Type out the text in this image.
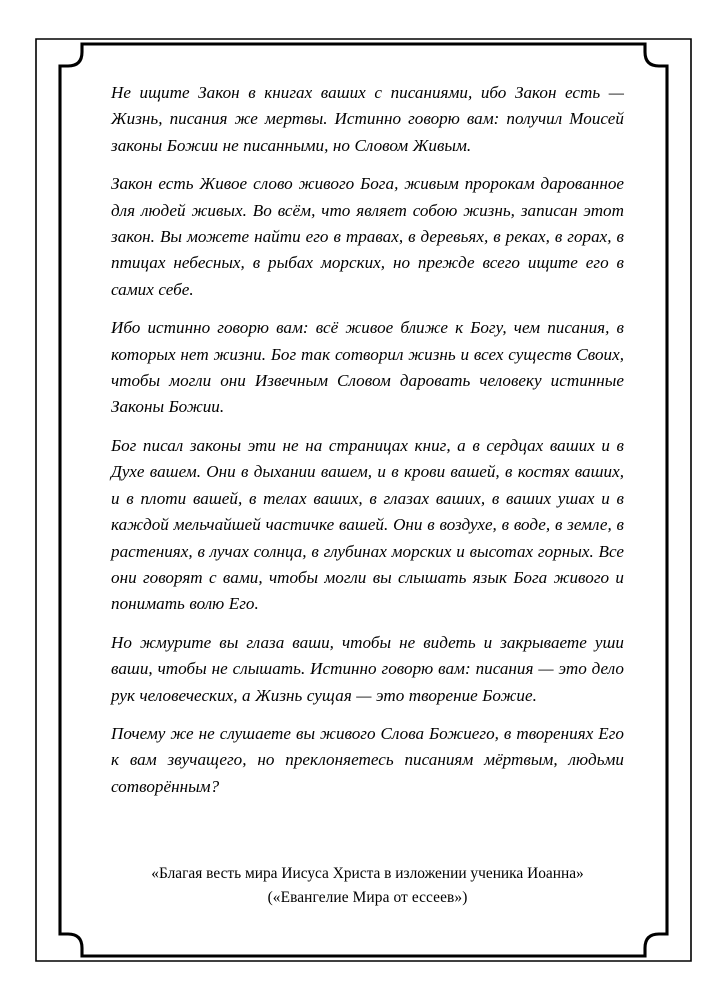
Не ищите Закон в книгах ваших с писаниями, ибо Закон есть — Жизнь, писания же мертвы. Истинно говорю вам: получил Моисей законы Божии не писанными, но Словом Живым.

Закон есть Живое слово живого Бога, живым пророкам дарованное для людей живых. Во всём, что являет собою жизнь, записан этот закон. Вы можете найти его в травах, в деревьях, в реках, в горах, в птицах небесных, в рыбах морских, но прежде всего ищите его в самих себе.

Ибо истинно говорю вам: всё живое ближе к Богу, чем писания, в которых нет жизни. Бог так сотворил жизнь и всех существ Своих, чтобы могли они Извечным Словом даровать человеку истинные Законы Божии.

Бог писал законы эти не на страницах книг, а в сердцах ваших и в Духе вашем. Они в дыхании вашем, и в крови вашей, в костях ваших, и в плоти вашей, в телах ваших, в глазах ваших, в ваших ушах и в каждой мельчайшей частичке вашей. Они в воздухе, в воде, в земле, в растениях, в лучах солнца, в глубинах морских и высотах горных. Все они говорят с вами, чтобы могли вы слышать язык Бога живого и понимать волю Его.

Но жмурите вы глаза ваши, чтобы не видеть и закрываете уши ваши, чтобы не слышать. Истинно говорю вам: писания — это дело рук человеческих, а Жизнь сущая — это творение Божие.

Почему же не слушаете вы живого Слова Божиего, в творениях Его к вам звучащего, но преклоняетесь писаниям мёртвым, людьми сотворённым?

«Благая весть мира Иисуса Христа в изложении ученика Иоанна»
(«Евангелие Мира от ессеев»)
